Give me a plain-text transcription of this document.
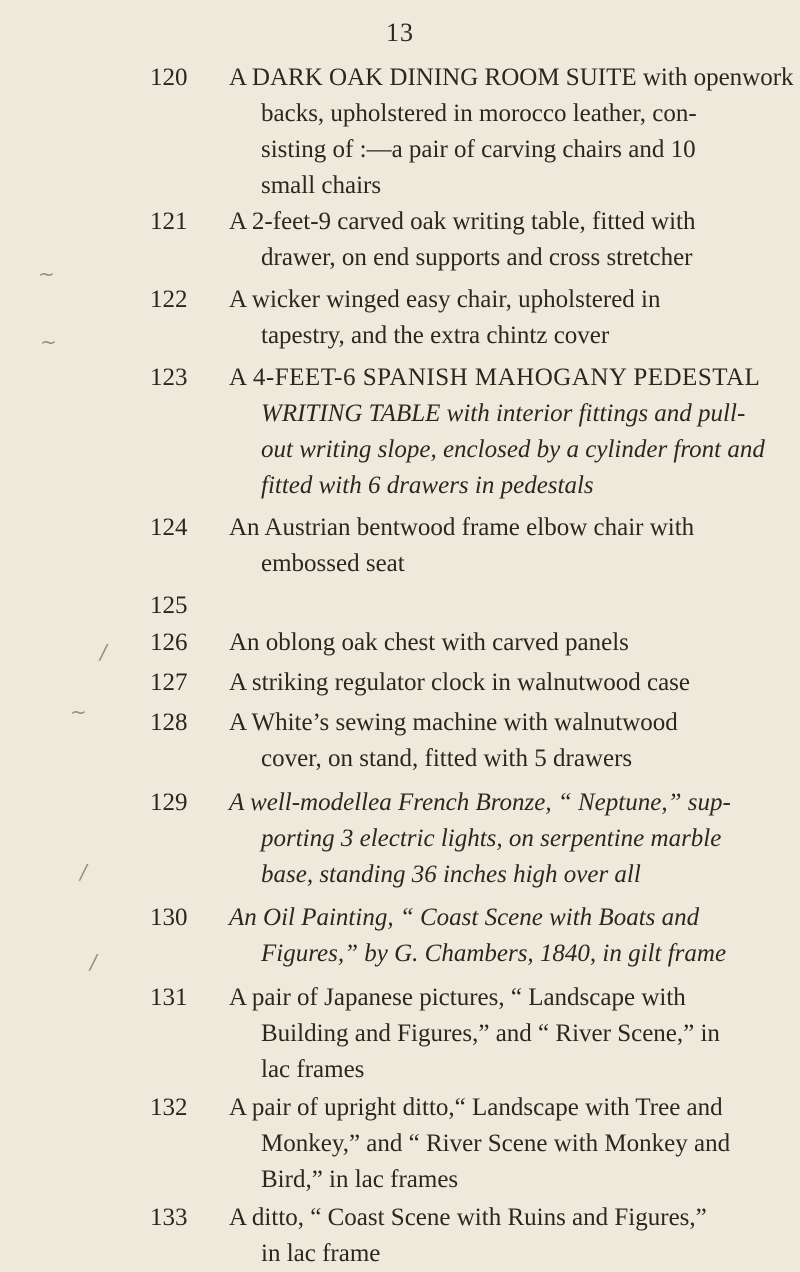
13
~
~
/
~
/
/
120	A DARK OAK DINING ROOM SUITE with openwork
backs, upholstered in morocco leather, con-
sisting of :—a pair of carving chairs and 10
small chairs
121	A 2-feet-9 carved oak writing table, fitted with
drawer, on end supports and cross stretcher
122	A wicker winged easy chair, upholstered in
tapestry, and the extra chintz cover
123	A 4-FEET-6 SPANISH MAHOGANY PEDESTAL
WRITING TABLE with interior fittings and pull-
out writing slope, enclosed by a cylinder front and
fitted with 6 drawers in pedestals
124	An Austrian bentwood frame elbow chair with
embossed seat
125
126	An oblong oak chest with carved panels
127	A striking regulator clock in walnutwood case
128	A White’s sewing machine with walnutwood
cover, on stand, fitted with 5 drawers
129	A well-modellea French Bronze, “ Neptune,” sup-
porting 3 electric lights, on serpentine marble
base, standing 36 inches high over all
130	An Oil Painting, “ Coast Scene with Boats and
Figures,” by G. Chambers, 1840, in gilt frame
131	A pair of Japanese pictures, “ Landscape with
Building and Figures,” and “ River Scene,” in
lac frames
132	A pair of upright ditto,“ Landscape with Tree and
Monkey,” and “ River Scene with Monkey and
Bird,” in lac frames
133	A ditto, “ Coast Scene with Ruins and Figures,”
in lac frame
